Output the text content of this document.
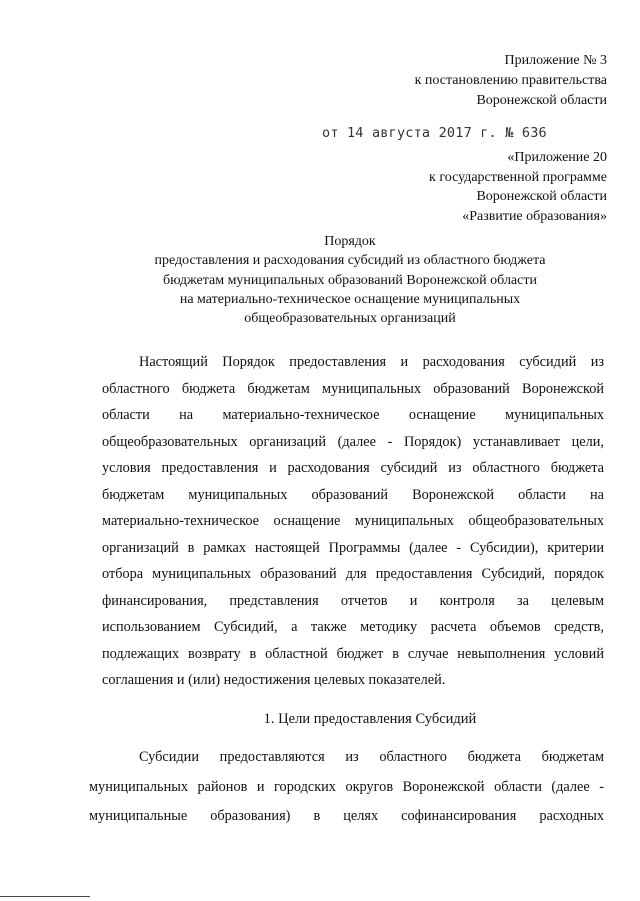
Приложение № 3
к постановлению правительства
Воронежской области
от 14 августа 2017 г. № 636
«Приложение 20
к государственной программе
Воронежской области
«Развитие образования»
Порядок
предоставления и расходования субсидий из областного бюджета
бюджетам муниципальных образований Воронежской области
на материально-техническое оснащение муниципальных
общеобразовательных организаций
Настоящий Порядок предоставления и расходования субсидий из
областного бюджета бюджетам муниципальных образований Воронежской
области на материально-техническое оснащение муниципальных
общеобразовательных организаций (далее - Порядок) устанавливает цели,
условия предоставления и расходования субсидий из областного бюджета
бюджетам муниципальных образований Воронежской области на
материально-техническое оснащение муниципальных общеобразовательных
организаций в рамках настоящей Программы (далее - Субсидии), критерии
отбора муниципальных образований для предоставления Субсидий, порядок
финансирования, представления отчетов и контроля за целевым
использованием Субсидий, а также методику расчета объемов средств,
подлежащих возврату в областной бюджет в случае невыполнения условий
соглашения и (или) недостижения целевых показателей.
1. Цели предоставления Субсидий
Субсидии предоставляются из областного бюджета бюджетам
муниципальных районов и городских округов Воронежской области (далее -
муниципальные образования) в целях софинансирования расходных
